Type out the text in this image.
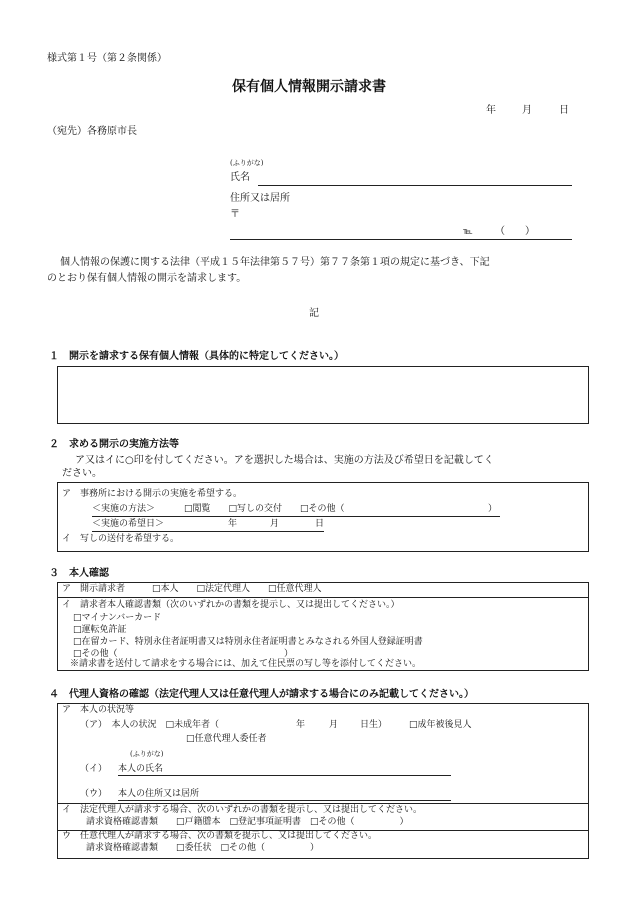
様式第１号（第２条関係）
保有個人情報開示請求書
年	月	日
（宛先）各務原市長
(ふりがな)
氏名
住所又は居所
〒
℡ （　　）
個人情報の保護に関する法律（平成１５年法律第５７号）第７７条第１項の規定に基づき、下記
のとおり保有個人情報の開示を請求します。
記
１　開示を請求する保有個人情報（具体的に特定してください。）
２　求める開示の実施方法等
ア又はイに○印を付してください。アを選択した場合は、実施の方法及び希望日を記載してく
ださい。
ア　事務所における開示の実施を希望する。
＜実施の方法＞	□閲覧　　□写しの交付　　□その他（	）
＜実施の希望日＞	年	月	日
イ　写しの送付を希望する。
３　本人確認
ア　開示請求者　　　□本人　　□法定代理人　　□任意代理人
イ　請求者本人確認書類（次のいずれかの書類を提示し、又は提出してください。）
□マイナンバーカード
□運転免許証
□在留カード、特別永住者証明書又は特別永住者証明書とみなされる外国人登録証明書
□その他（	）
※請求書を送付して請求をする場合には、加えて住民票の写し等を添付してください。
４　代理人資格の確認（法定代理人又は任意代理人が請求する場合にのみ記載してください。）
ア　本人の状況等
（ア）　本人の状況　□未成年者（	年	月 日生） □成年被後見人
□任意代理人委任者
(ふりがな)
（イ） 本人の氏名
（ウ） 本人の住所又は居所
イ　法定代理人が請求する場合、次のいずれかの書類を提示し、又は提出してください。
請求資格確認書類　　□戸籍謄本　□登記事項証明書　□その他（　　　　　）
ウ　任意代理人が請求する場合、次の書類を提示し、又は提出してください。
請求資格確認書類　　□委任状　□その他（　　　　　）
